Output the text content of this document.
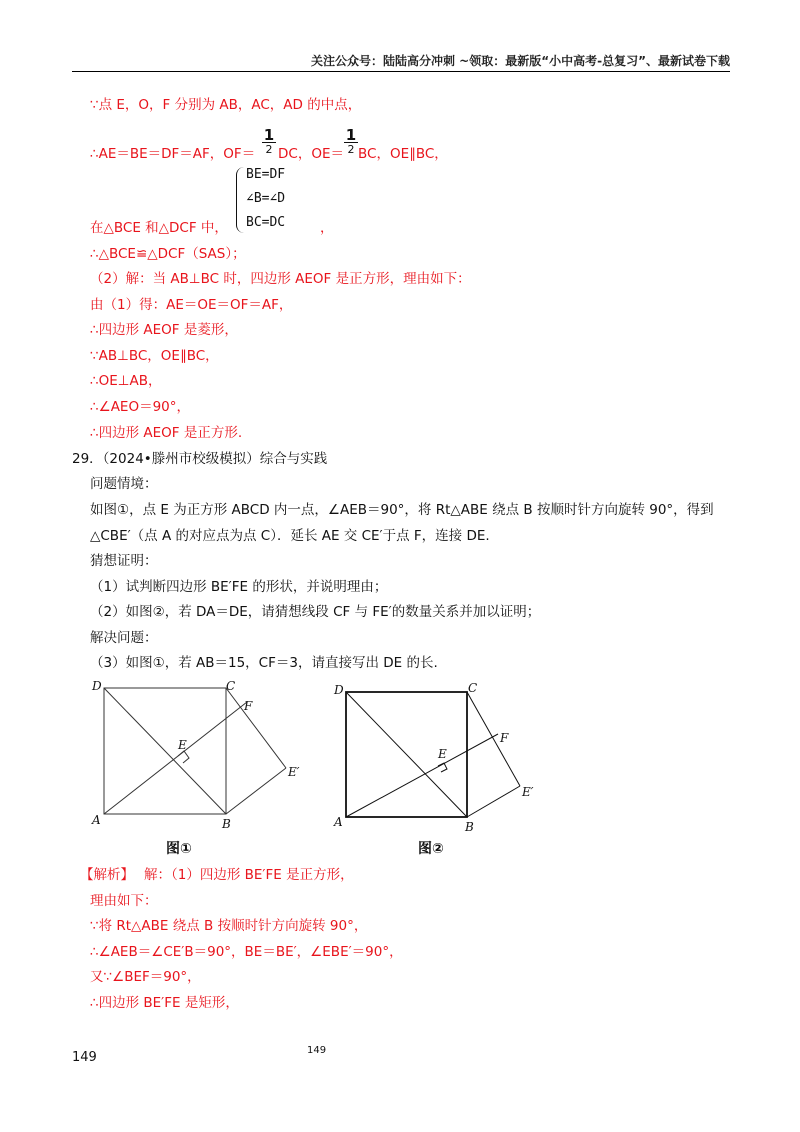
关注公众号：陆陆高分冲刺 ~领取：最新版“小中高考-总复习”、最新试卷下载
∵点 E，O，F 分别为 AB，AC，AD 的中点，
∴AE＝BE＝DF＝AF，OF＝
1
2 DC，OE＝
1
2 BC，OE∥BC，
在△BCE 和△DCF 中，
BE=DF
∠B=∠D
BC=DC	，
∴△BCE≌△DCF（SAS）；
（2）解：当 AB⊥BC 时，四边形 AEOF 是正方形，理由如下：
由（1）得：AE＝OE＝OF＝AF，
∴四边形 AEOF 是菱形，
∵AB⊥BC，OE∥BC，
∴OE⊥AB，
∴∠AEO＝90°，
∴四边形 AEOF 是正方形.
29．（2024•滕州市校级模拟）综合与实践
问题情境：
如图①，点 E 为正方形 ABCD 内一点，∠AEB＝90°，将 Rt△ABE 绕点 B 按顺时针方向旋转 90°，得到
△CBE′（点 A 的对应点为点 C）．延长 AE 交 CE′于点 F，连接 DE.
猜想证明：
（1）试判断四边形 BE′FE 的形状，并说明理由；
（2）如图②，若 DA＝DE，请猜想线段 CF 与 FE′的数量关系并加以证明；
解决问题：
（3）如图①，若 AB＝15，CF＝3，请直接写出 DE 的长.
D	C
A	B
E
F
E′
图①
D	C
A	B
E
F
E′
图②
【解析】 解：（1）四边形 BE′FE 是正方形，
理由如下：
∵将 Rt△ABE 绕点 B 按顺时针方向旋转 90°，
∴∠AEB＝∠CE′B＝90°，BE＝BE′，∠EBE′＝90°，
又∵∠BEF＝90°，
∴四边形 BE′FE 是矩形，
149	149
